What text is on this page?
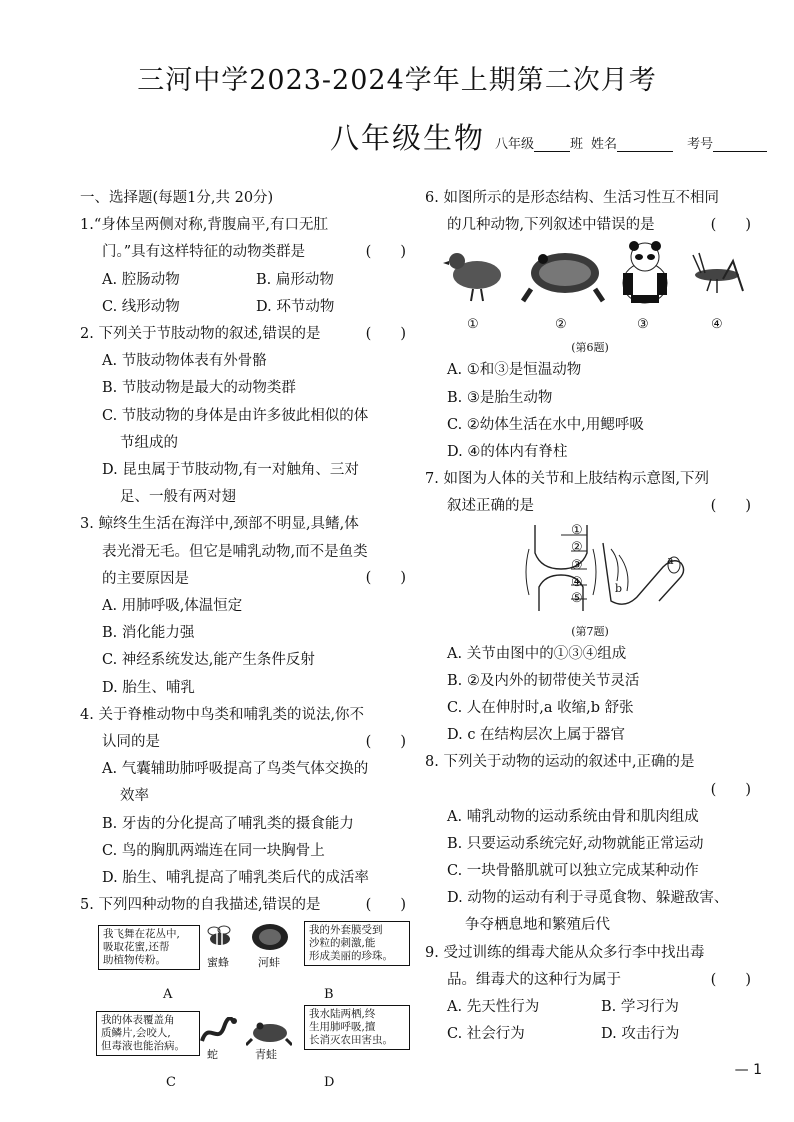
三河中学2023-2024学年上期第二次月考
八年级生物 八年级	班 姓名	考号
一、选择题(每题1分,共 20分)
1.“身体呈两侧对称,背腹扁平,有口无肛
门。”具有这样特征的动物类群是	(　　)
A. 腔肠动物	B. 扁形动物
C. 线形动物	D. 环节动物
2. 下列关于节肢动物的叙述,错误的是	(　　)
A. 节肢动物体表有外骨骼
B. 节肢动物是最大的动物类群
C. 节肢动物的身体是由许多彼此相似的体
节组成的
D. 昆虫属于节肢动物,有一对触角、三对
足、一般有两对翅
3. 鲸终生生活在海洋中,颈部不明显,具鳍,体
表光滑无毛。但它是哺乳动物,而不是鱼类
的主要原因是	(　　)
A. 用肺呼吸,体温恒定
B. 消化能力强
C. 神经系统发达,能产生条件反射
D. 胎生、哺乳
4. 关于脊椎动物中鸟类和哺乳类的说法,你不
认同的是	(　　)
A. 气囊辅助肺呼吸提高了鸟类气体交换的
效率
B. 牙齿的分化提高了哺乳类的摄食能力
C. 鸟的胸肌两端连在同一块胸骨上
D. 胎生、哺乳提高了哺乳类后代的成活率
5. 下列四种动物的自我描述,错误的是	(　　)
我飞舞在花丛中,
吸取花蜜,还帮
助植物传粉。	蜜蜂	河蚌
我的外套膜受到
沙粒的刺激,能
形成美丽的珍珠。
A	B
我的体表覆盖角
质鳞片,会咬人,
但毒液也能治病。
蛇	青蛙
我水陆两栖,终
生用肺呼吸,擅
长消灭农田害虫。
C	D
6. 如图所示的是形态结构、生活习性互不相同
的几种动物,下列叙述中错误的是	(　　)
①	②	③	④
(第6题)
A. ①和③是恒温动物
B. ③是胎生动物
C. ②幼体生活在水中,用鳃呼吸
D. ④的体内有脊柱
7. 如图为人体的关节和上肢结构示意图,下列
叙述正确的是	(　　)
①
②
③
④
⑤
a
b
(第7题)
A. 关节由图中的①③④组成
B. ②及内外的韧带使关节灵活
C. 人在伸肘时,a 收缩,b 舒张
D. c 在结构层次上属于器官
8. 下列关于动物的运动的叙述中,正确的是
(　　)
A. 哺乳动物的运动系统由骨和肌肉组成
B. 只要运动系统完好,动物就能正常运动
C. 一块骨骼肌就可以独立完成某种动作
D. 动物的运动有利于寻觅食物、躲避敌害、
争夺栖息地和繁殖后代
9. 受过训练的缉毒犬能从众多行李中找出毒
品。缉毒犬的这种行为属于	(　　)
A. 先天性行为	B. 学习行为
C. 社会行为	D. 攻击行为
— 1
